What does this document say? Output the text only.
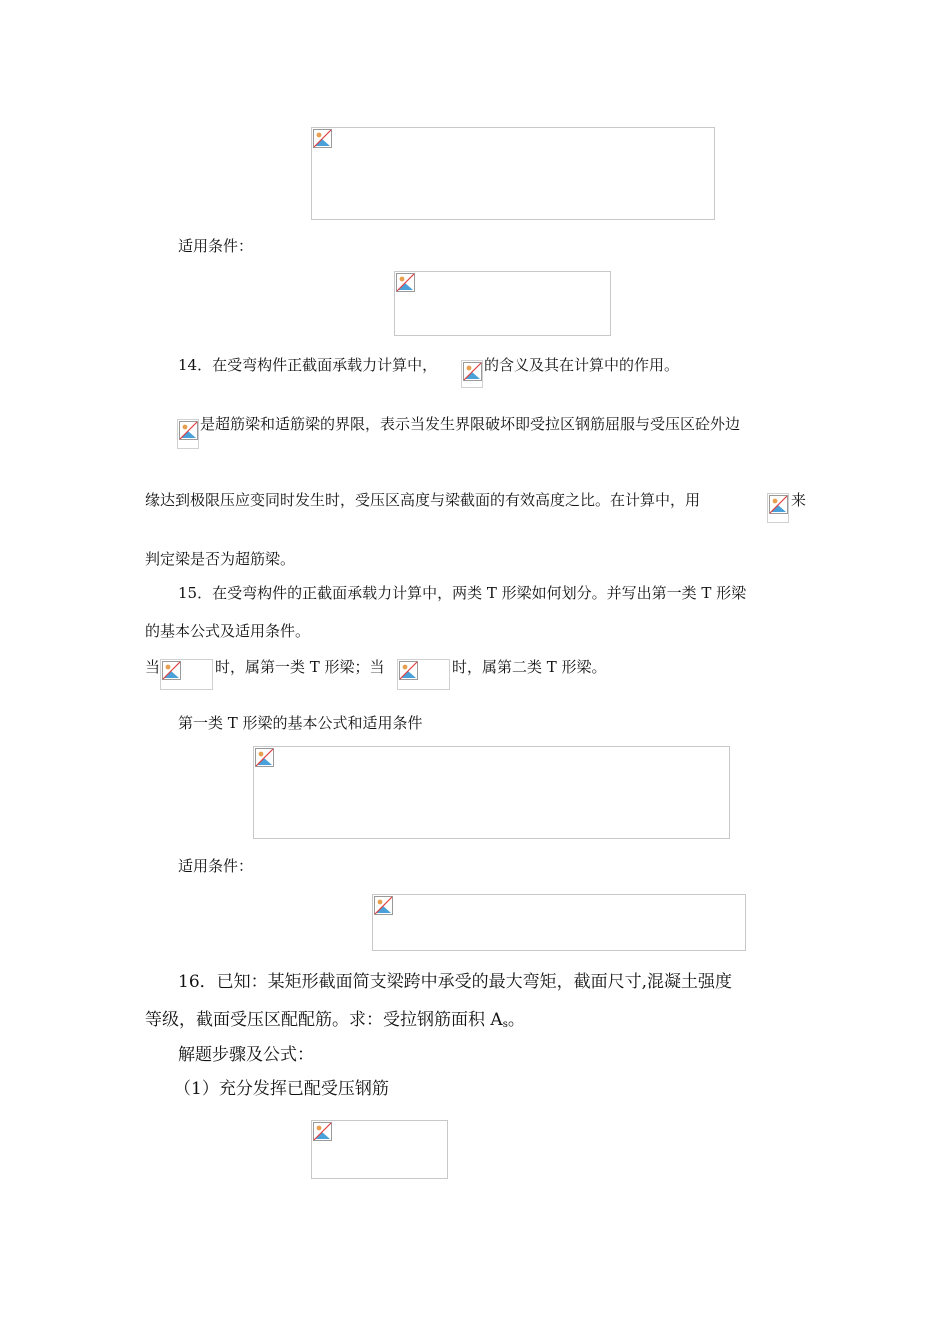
适用条件：
14．在受弯构件正截面承载力计算中，	的含义及其在计算中的作用。
是超筋梁和适筋梁的界限，表示当发生界限破坏即受拉区钢筋屈服与受压区砼外边
缘达到极限压应变同时发生时，受压区高度与梁截面的有效高度之比。在计算中，用	来
判定梁是否为超筋梁。
15．在受弯构件的正截面承载力计算中，两类 T 形梁如何划分。并写出第一类 T 形梁
的基本公式及适用条件。
当	时，属第一类 T 形梁；当	时，属第二类 T 形梁。
第一类 T 形梁的基本公式和适用条件
适用条件：
16．已知：某矩形截面简支梁跨中承受的最大弯矩，截面尺寸,混凝土强度
等级，截面受压区配配筋。求：受拉钢筋面积 $A_s$。
解题步骤及公式：
（1）充分发挥已配受压钢筋
